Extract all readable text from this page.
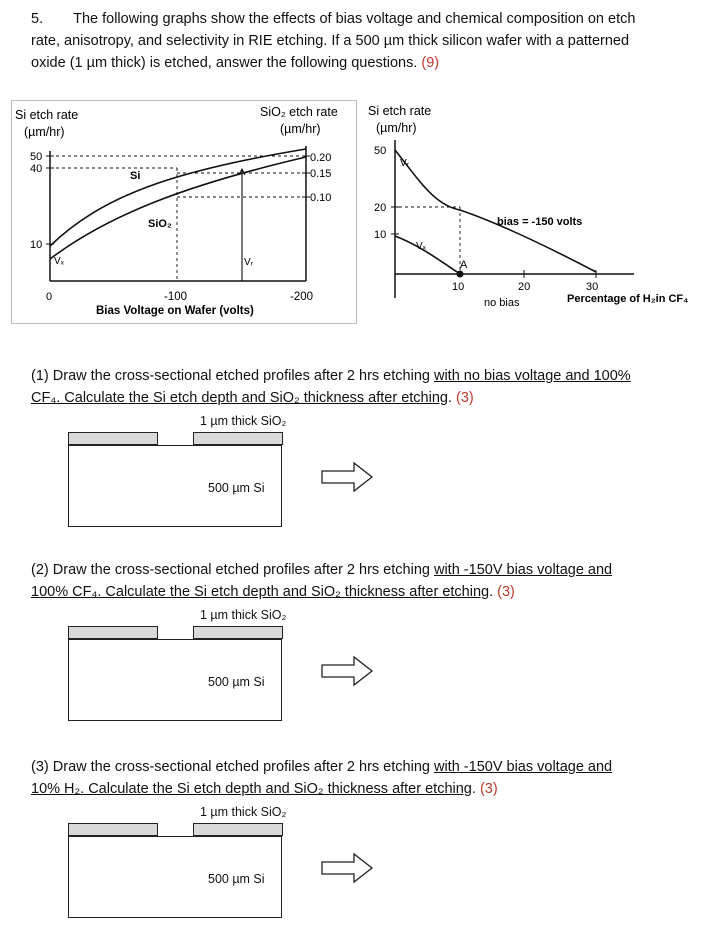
5. The following graphs show the effects of bias voltage and chemical composition on etch
rate, anisotropy, and selectivity in RIE etching. If a 500 µm thick silicon wafer with a patterned
oxide (1 µm thick) is etched, answer the following questions. (9)
Si etch rate
(µm/hr)
SiO₂ etch rate
(µm/hr)
50
40
10
0
0.20
0.15
0.10
Si
SiO₂
Vₓ	Vᵣ
-100	-200
Bias Voltage on Wafer (volts)
Si etch rate
(µm/hr)
50
20
10
A
Vᵣ
Vₓ
bias = -150 volts
10	20	30
no bias	Percentage of H₂in CF₄
(1) Draw the cross-sectional etched profiles after 2 hrs etching with no bias voltage and 100%
CF₄. Calculate the Si etch depth and SiO₂ thickness after etching. (3)
1 µm thick SiO₂
500 µm Si
(2) Draw the cross-sectional etched profiles after 2 hrs etching with -150V bias voltage and
100% CF₄. Calculate the Si etch depth and SiO₂ thickness after etching. (3)
1 µm thick SiO₂
500 µm Si
(3) Draw the cross-sectional etched profiles after 2 hrs etching with -150V bias voltage and
10% H₂. Calculate the Si etch depth and SiO₂ thickness after etching. (3)
1 µm thick SiO₂
500 µm Si
